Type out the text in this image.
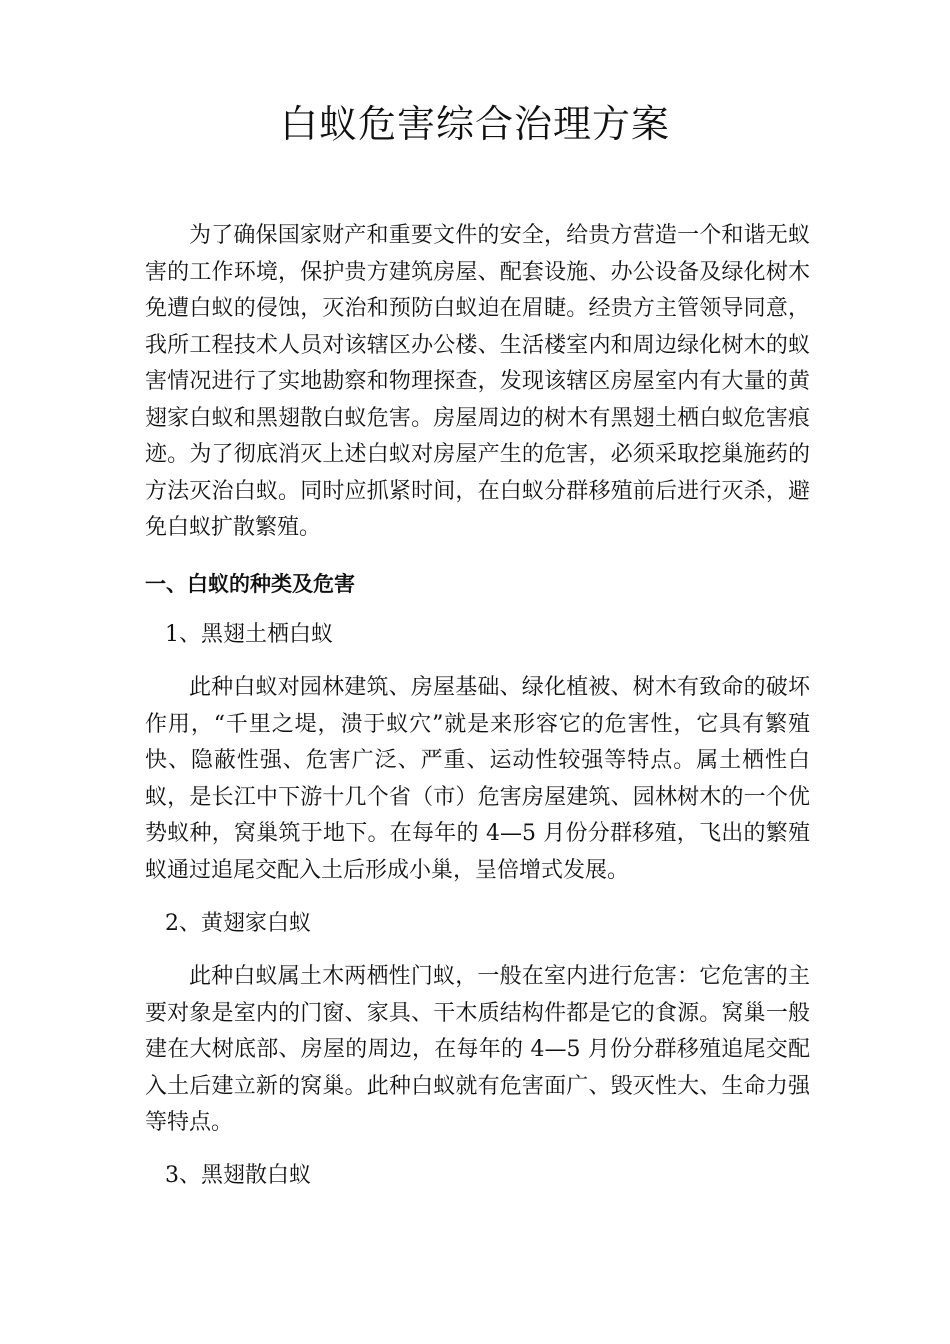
白蚁危害综合治理方案

为了确保国家财产和重要文件的安全，给贵方营造一个和谐无蚁害的工作环境，保护贵方建筑房屋、配套设施、办公设备及绿化树木免遭白蚁的侵蚀，灭治和预防白蚁迫在眉睫。经贵方主管领导同意，我所工程技术人员对该辖区办公楼、生活楼室内和周边绿化树木的蚁害情况进行了实地勘察和物理探查，发现该辖区房屋室内有大量的黄翅家白蚁和黑翅散白蚁危害。房屋周边的树木有黑翅土栖白蚁危害痕迹。为了彻底消灭上述白蚁对房屋产生的危害，必须采取挖巢施药的方法灭治白蚁。同时应抓紧时间，在白蚁分群移殖前后进行灭杀，避免白蚁扩散繁殖。

一、白蚁的种类及危害

1、黑翅土栖白蚁

此种白蚁对园林建筑、房屋基础、绿化植被、树木有致命的破坏作用，“千里之堤，溃于蚁穴”就是来形容它的危害性，它具有繁殖快、隐蔽性强、危害广泛、严重、运动性较强等特点。属土栖性白蚁，是长江中下游十几个省（市）危害房屋建筑、园林树木的一个优势蚁种，窝巢筑于地下。在每年的 4—5 月份分群移殖，飞出的繁殖蚁通过追尾交配入土后形成小巢，呈倍增式发展。

2、黄翅家白蚁

此种白蚁属土木两栖性门蚁，一般在室内进行危害：它危害的主要对象是室内的门窗、家具、干木质结构件都是它的食源。窝巢一般建在大树底部、房屋的周边，在每年的 4—5 月份分群移殖追尾交配入土后建立新的窝巢。此种白蚁就有危害面广、毁灭性大、生命力强等特点。

3、黑翅散白蚁
